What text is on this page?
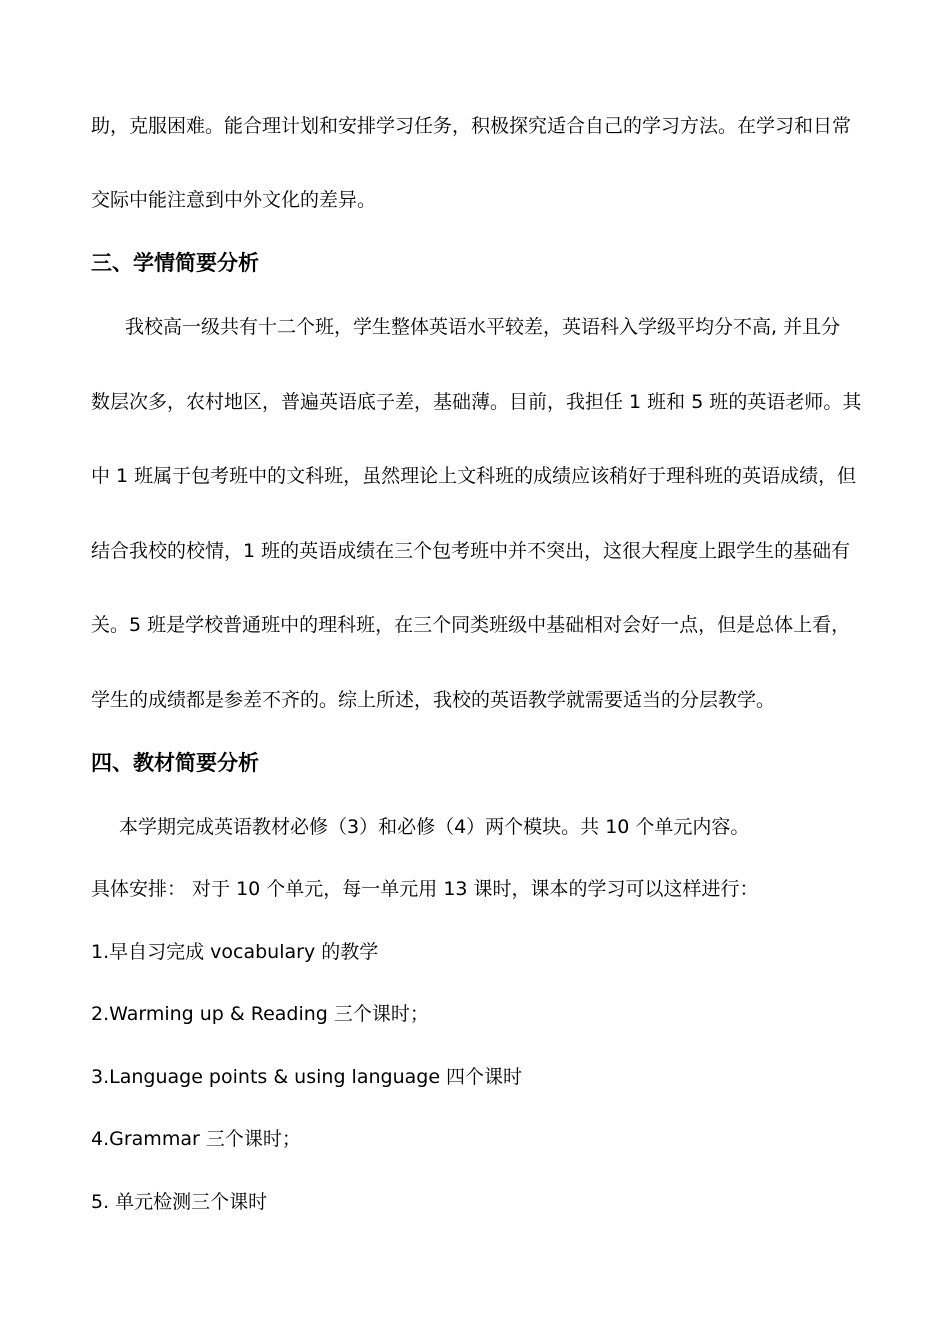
助，克服困难。能合理计划和安排学习任务，积极探究适合自己的学习方法。在学习和日常
交际中能注意到中外文化的差异。
三、学情简要分析
我校高一级共有十二个班，学生整体英语水平较差，英语科入学级平均分不高, 并且分
数层次多，农村地区，普遍英语底子差，基础薄。目前，我担任 1 班和 5 班的英语老师。其
中 1 班属于包考班中的文科班，虽然理论上文科班的成绩应该稍好于理科班的英语成绩，但
结合我校的校情，1 班的英语成绩在三个包考班中并不突出，这很大程度上跟学生的基础有
关。5 班是学校普通班中的理科班，在三个同类班级中基础相对会好一点，但是总体上看，
学生的成绩都是参差不齐的。综上所述，我校的英语教学就需要适当的分层教学。
四、教材简要分析
本学期完成英语教材必修（3）和必修（4）两个模块。共 10 个单元内容。
具体安排： 对于 10 个单元，每一单元用 13 课时，课本的学习可以这样进行：
1.早自习完成 vocabulary 的教学
2.Warming up & Reading 三个课时；
3.Language points & using language 四个课时
4.Grammar 三个课时；
5. 单元检测三个课时
